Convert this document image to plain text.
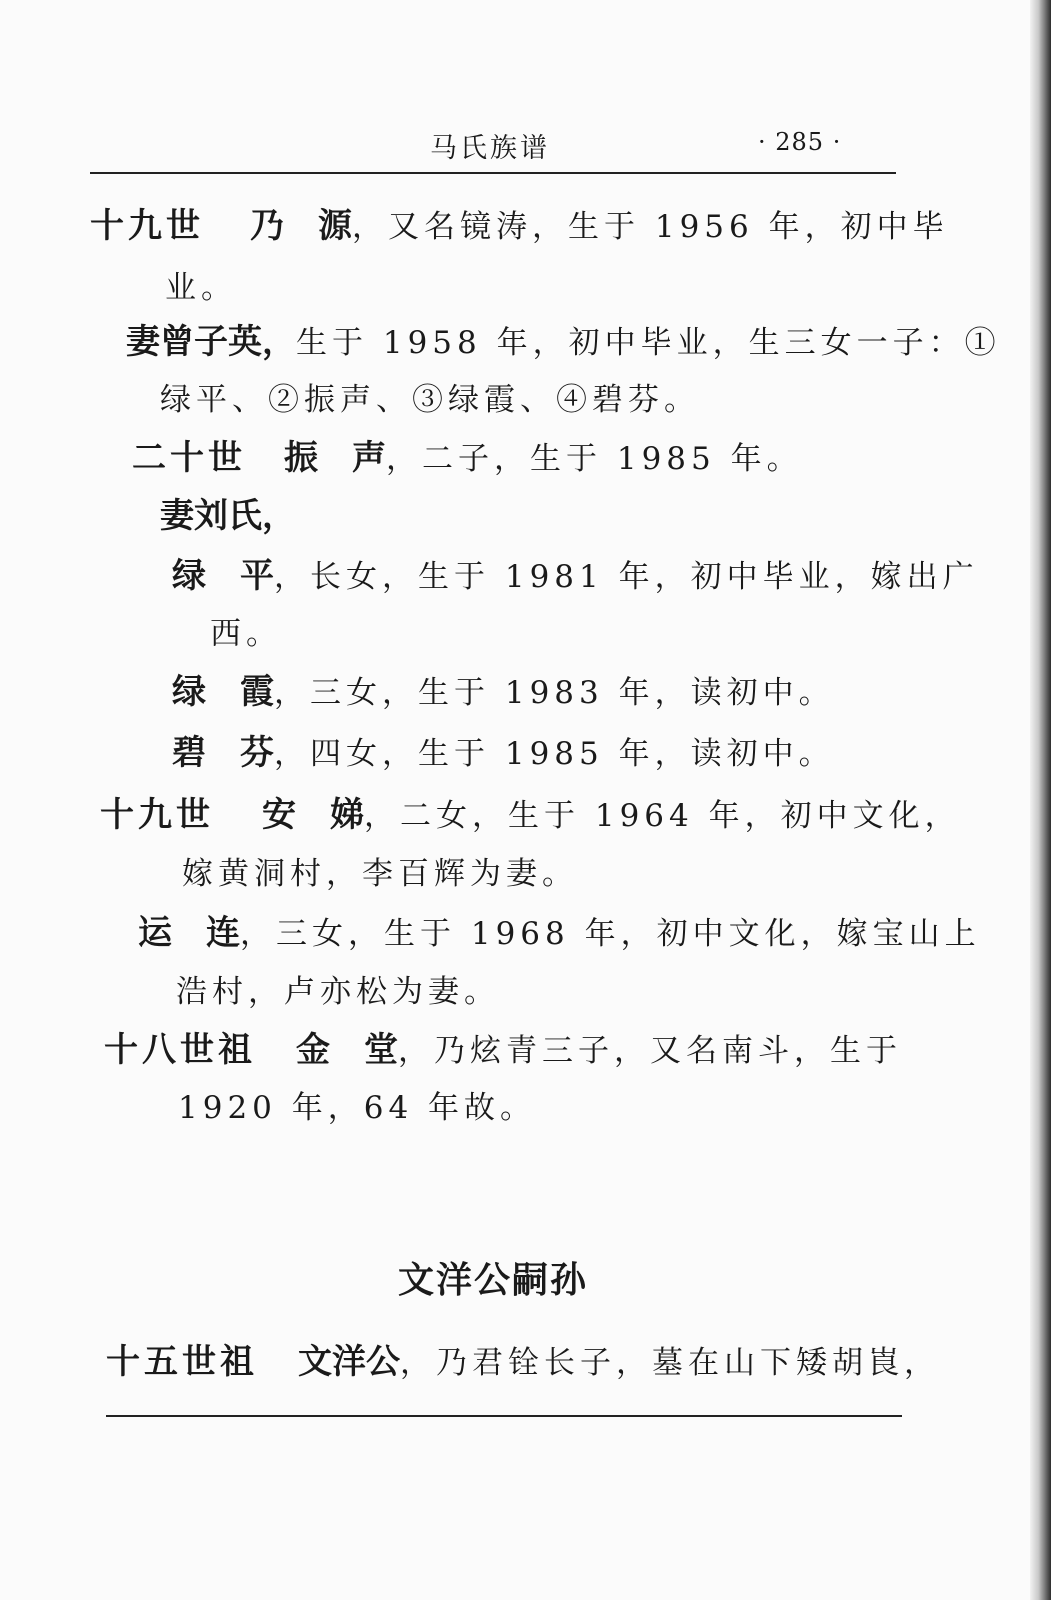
马氏族谱	· 285 ·
十九世 乃　源，又名镜涛，生于 1956 年，初中毕
业。
妻曾子英，生于 1958 年，初中毕业，生三女一子：①
绿平、②振声、③绿霞、④碧芬。
二十世 振　声，二子，生于 1985 年。
妻刘氏，
绿　平，长女，生于 1981 年，初中毕业，嫁出广
西。
绿　霞，三女，生于 1983 年，读初中。
碧　芬，四女，生于 1985 年，读初中。
十九世 安　娣，二女，生于 1964 年，初中文化，
嫁黄洞村，李百辉为妻。
运　连，三女，生于 1968 年，初中文化，嫁宝山上
浩村，卢亦松为妻。
十八世祖 金　堂，乃炫青三子，又名南斗，生于
1920 年，64 年故。
文洋公嗣孙
十五世祖 文洋公，乃君铨长子，墓在山下矮胡崀，
